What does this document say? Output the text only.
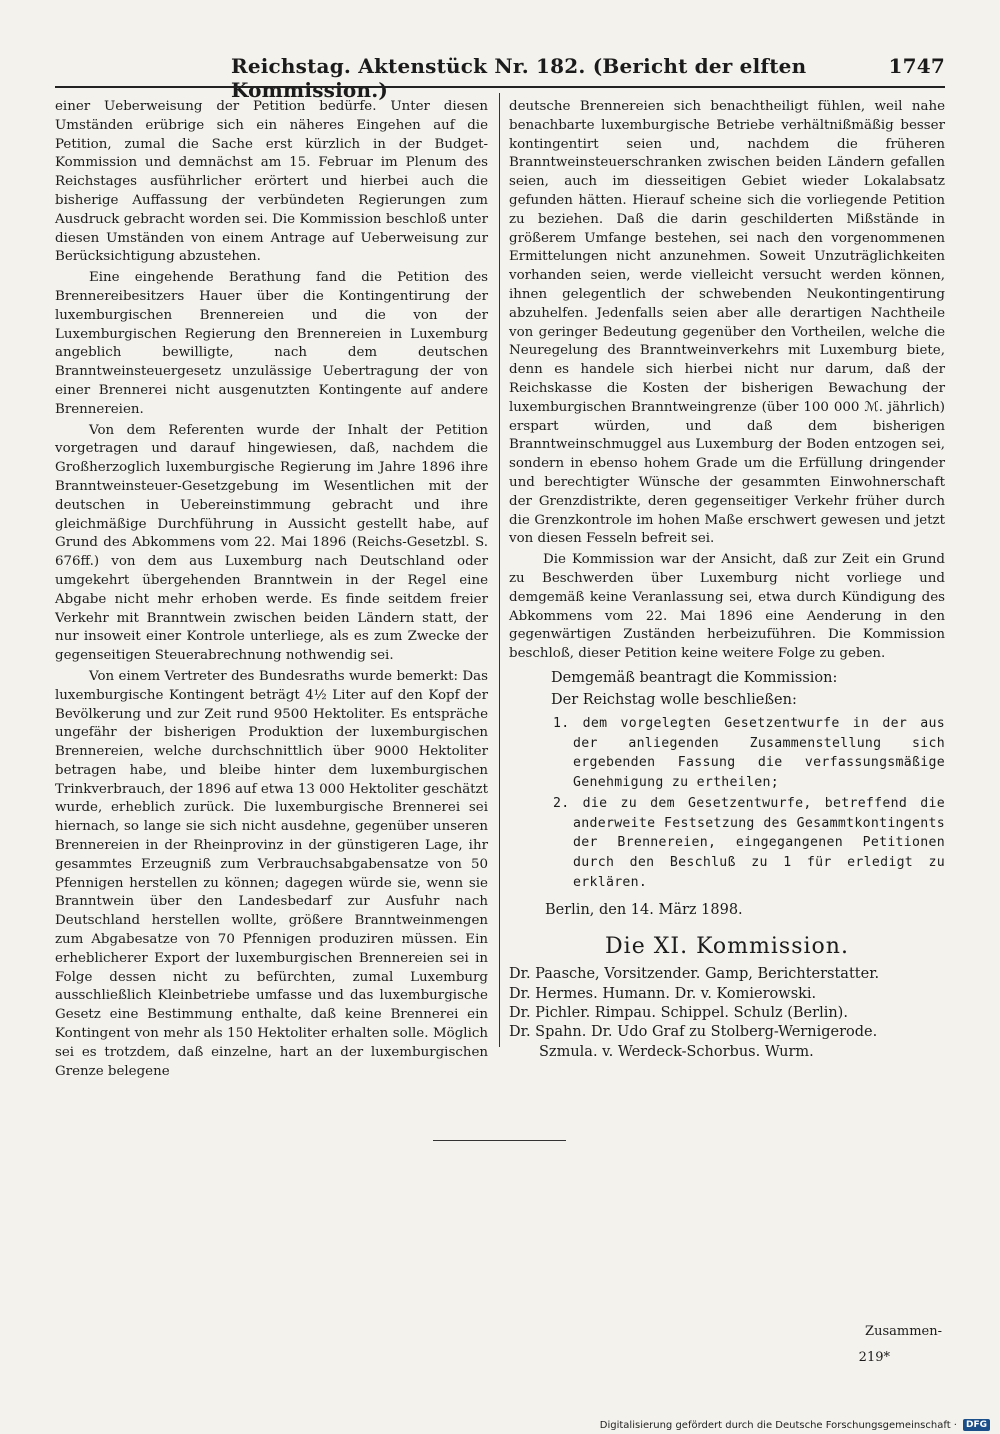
Reichstag. Aktenstück Nr. 182. (Bericht der elften Kommission.)
1747

einer Ueberweisung der Petition bedürfe. Unter diesen Umständen erübrige sich ein näheres Eingehen auf die Petition, zumal die Sache erst kürzlich in der Budget-Kommission und demnächst am 15. Februar im Plenum des Reichstages ausführlicher erörtert und hierbei auch die bisherige Auffassung der verbündeten Regierungen zum Ausdruck gebracht worden sei. Die Kommission beschloß unter diesen Umständen von einem Antrage auf Ueberweisung zur Berücksichtigung abzustehen.

Eine eingehende Berathung fand die Petition des Brennereibesitzers Hauer über die Kontingentirung der luxemburgischen Brennereien und die von der Luxemburgischen Regierung den Brennereien in Luxemburg angeblich bewilligte, nach dem deutschen Branntweinsteuergesetz unzulässige Uebertragung der von einer Brennerei nicht ausgenutzten Kontingente auf andere Brennereien.

Von dem Referenten wurde der Inhalt der Petition vorgetragen und darauf hingewiesen, daß, nachdem die Großherzoglich luxemburgische Regierung im Jahre 1896 ihre Branntweinsteuer-Gesetzgebung im Wesentlichen mit der deutschen in Uebereinstimmung gebracht und ihre gleichmäßige Durchführung in Aussicht gestellt habe, auf Grund des Abkommens vom 22. Mai 1896 (Reichs-Gesetzbl. S. 676ff.) von dem aus Luxemburg nach Deutschland oder umgekehrt übergehenden Branntwein in der Regel eine Abgabe nicht mehr erhoben werde. Es finde seitdem freier Verkehr mit Branntwein zwischen beiden Ländern statt, der nur insoweit einer Kontrole unterliege, als es zum Zwecke der gegenseitigen Steuerabrechnung nothwendig sei.

Von einem Vertreter des Bundesraths wurde bemerkt: Das luxemburgische Kontingent beträgt 4½ Liter auf den Kopf der Bevölkerung und zur Zeit rund 9500 Hektoliter. Es entspräche ungefähr der bisherigen Produktion der luxemburgischen Brennereien, welche durchschnittlich über 9000 Hektoliter betragen habe, und bleibe hinter dem luxemburgischen Trinkverbrauch, der 1896 auf etwa 13 000 Hektoliter geschätzt wurde, erheblich zurück. Die luxemburgische Brennerei sei hiernach, so lange sie sich nicht ausdehne, gegenüber unseren Brennereien in der Rheinprovinz in der günstigeren Lage, ihr gesammtes Erzeugniß zum Verbrauchsabgabensatze von 50 Pfennigen herstellen zu können; dagegen würde sie, wenn sie Branntwein über den Landesbedarf zur Ausfuhr nach Deutschland herstellen wollte, größere Branntweinmengen zum Abgabesatze von 70 Pfennigen produziren müssen. Ein erheblicherer Export der luxemburgischen Brennereien sei in Folge dessen nicht zu befürchten, zumal Luxemburg ausschließlich Kleinbetriebe umfasse und das luxemburgische Gesetz eine Bestimmung enthalte, daß keine Brennerei ein Kontingent von mehr als 150 Hektoliter erhalten solle. Möglich sei es trotzdem, daß einzelne, hart an der luxemburgischen Grenze belegene

deutsche Brennereien sich benachtheiligt fühlen, weil nahe benachbarte luxemburgische Betriebe verhältnißmäßig besser kontingentirt seien und, nachdem die früheren Branntweinsteuerschranken zwischen beiden Ländern gefallen seien, auch im diesseitigen Gebiet wieder Lokalabsatz gefunden hätten. Hierauf scheine sich die vorliegende Petition zu beziehen. Daß die darin geschilderten Mißstände in größerem Umfange bestehen, sei nach den vorgenommenen Ermittelungen nicht anzunehmen. Soweit Unzuträglichkeiten vorhanden seien, werde vielleicht versucht werden können, ihnen gelegentlich der schwebenden Neukontingentirung abzuhelfen. Jedenfalls seien aber alle derartigen Nachtheile von geringer Bedeutung gegenüber den Vortheilen, welche die Neuregelung des Branntweinverkehrs mit Luxemburg biete, denn es handele sich hierbei nicht nur darum, daß der Reichskasse die Kosten der bisherigen Bewachung der luxemburgischen Branntweingrenze (über 100 000 ℳ. jährlich) erspart würden, und daß dem bisherigen Branntweinschmuggel aus Luxemburg der Boden entzogen sei, sondern in ebenso hohem Grade um die Erfüllung dringender und berechtigter Wünsche der gesammten Einwohnerschaft der Grenzdistrikte, deren gegenseitiger Verkehr früher durch die Grenzkontrole im hohen Maße erschwert gewesen und jetzt von diesen Fesseln befreit sei.

Die Kommission war der Ansicht, daß zur Zeit ein Grund zu Beschwerden über Luxemburg nicht vorliege und demgemäß keine Veranlassung sei, etwa durch Kündigung des Abkommens vom 22. Mai 1896 eine Aenderung in den gegenwärtigen Zuständen herbeizuführen. Die Kommission beschloß, dieser Petition keine weitere Folge zu geben.

Demgemäß beantragt die Kommission:
Der Reichstag wolle beschließen:
1. dem vorgelegten Gesetzentwurfe in der aus der anliegenden Zusammenstellung sich ergebenden Fassung die verfassungsmäßige Genehmigung zu ertheilen;
2. die zu dem Gesetzentwurfe, betreffend die anderweite Festsetzung des Gesammtkontingents der Brennereien, eingegangenen Petitionen durch den Beschluß zu 1 für erledigt zu erklären.
Berlin, den 14. März 1898.
Die XI. Kommission.
Dr. Paasche, Vorsitzender. Gamp, Berichterstatter.
Dr. Hermes. Humann. Dr. v. Komierowski.
Dr. Pichler. Rimpau. Schippel. Schulz (Berlin).
Dr. Spahn. Dr. Udo Graf zu Stolberg-Wernigerode.
Szmula. v. Werdeck-Schorbus. Wurm.
Zusammen-
219*
Digitalisierung gefördert durch die Deutsche Forschungsgemeinschaft ·	DFG
